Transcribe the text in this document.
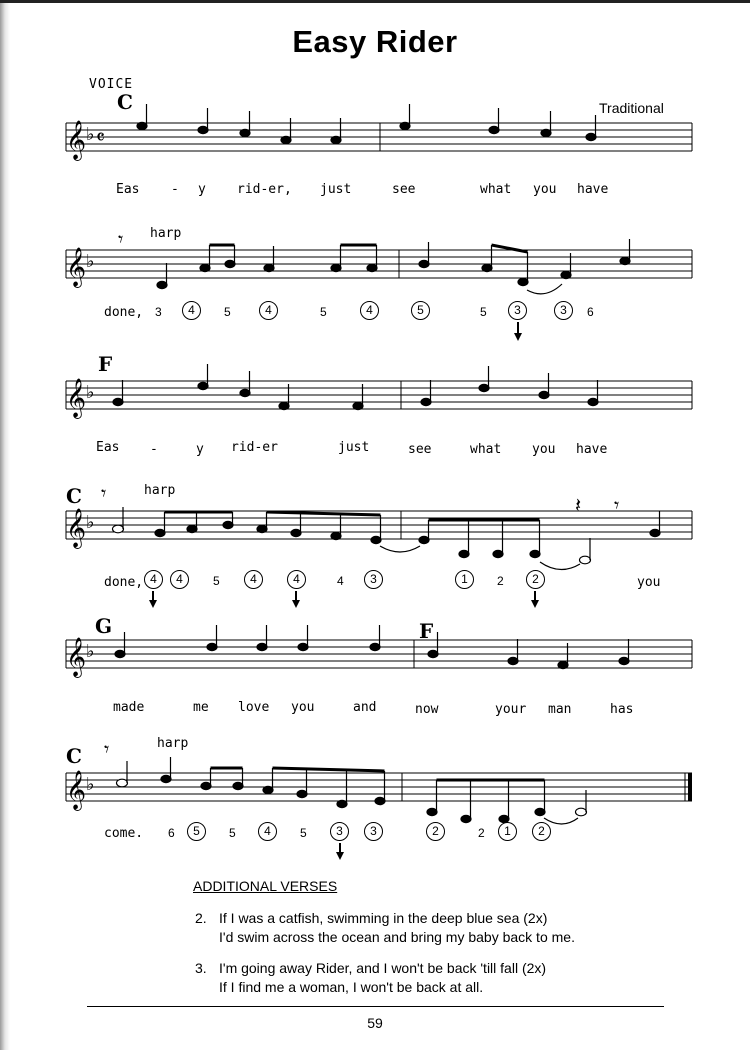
Easy Rider
VOICE
Traditional
𝄞
𝄞
𝄞
𝄞
𝄞
𝄞
♭
♭
♭
♭
♭
♭
𝄴
𝄾
𝄾	𝄽 𝄾
𝄾
C
F
C
G	F
C
harp
harp
harp
Eas - y rid-er, just	see	what you have
done, 3	4	5	4	5	4	5	5	3	3	6
Eas -	y rid-er	just	see	what you have
done, 4	4	5	4	4	4	3	1	2	2	you
made	me love you	and	now	your man	has
come. 6	5	5	4	5	3	3	2	2	1	2
ADDITIONAL VERSES
2. If I was a catfish, swimming in the deep blue sea (2x)
I'd swim across the ocean and bring my baby back to me.
3. I'm going away Rider, and I won't be back 'till fall (2x)
If I find me a woman, I won't be back at all.
59
